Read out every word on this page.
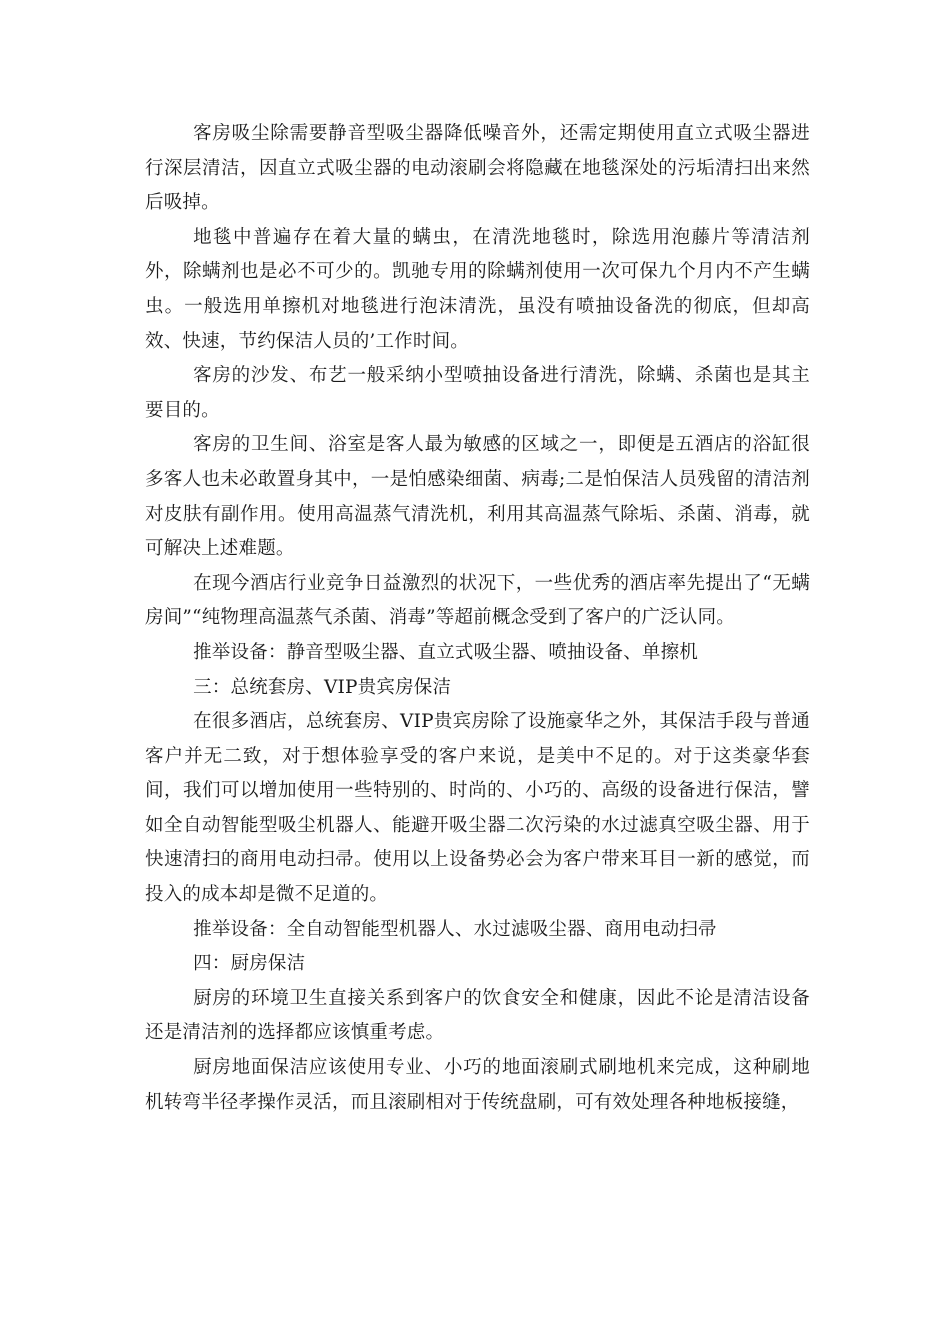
客房吸尘除需要静音型吸尘器降低噪音外，还需定期使用直立式吸尘器进行深层清洁，因直立式吸尘器的电动滚刷会将隐藏在地毯深处的污垢清扫出来然后吸掉。

地毯中普遍存在着大量的螨虫，在清洗地毯时，除选用泡藤片等清洁剂外，除螨剂也是必不可少的。凯驰专用的除螨剂使用一次可保九个月内不产生螨虫。一般选用单擦机对地毯进行泡沫清洗，虽没有喷抽设备洗的彻底，但却高效、快速，节约保洁人员的’工作时间。

客房的沙发、布艺一般采纳小型喷抽设备进行清洗，除螨、杀菌也是其主要目的。

客房的卫生间、浴室是客人最为敏感的区域之一，即便是五酒店的浴缸很多客人也未必敢置身其中，一是怕感染细菌、病毒;二是怕保洁人员残留的清洁剂对皮肤有副作用。使用高温蒸气清洗机，利用其高温蒸气除垢、杀菌、消毒，就可解决上述难题。

在现今酒店行业竞争日益激烈的状况下，一些优秀的酒店率先提出了“无螨房间”“纯物理高温蒸气杀菌、消毒”等超前概念受到了客户的广泛认同。

推举设备：静音型吸尘器、直立式吸尘器、喷抽设备、单擦机

三：总统套房、VIP贵宾房保洁

在很多酒店，总统套房、VIP贵宾房除了设施豪华之外，其保洁手段与普通客户并无二致，对于想体验享受的客户来说，是美中不足的。对于这类豪华套间，我们可以增加使用一些特别的、时尚的、小巧的、高级的设备进行保洁，譬如全自动智能型吸尘机器人、能避开吸尘器二次污染的水过滤真空吸尘器、用于快速清扫的商用电动扫帚。使用以上设备势必会为客户带来耳目一新的感觉，而投入的成本却是微不足道的。

推举设备：全自动智能型机器人、水过滤吸尘器、商用电动扫帚

四：厨房保洁

厨房的环境卫生直接关系到客户的饮食安全和健康，因此不论是清洁设备还是清洁剂的选择都应该慎重考虑。

厨房地面保洁应该使用专业、小巧的地面滚刷式刷地机来完成，这种刷地机转弯半径孝操作灵活，而且滚刷相对于传统盘刷，可有效处理各种地板接缝，
